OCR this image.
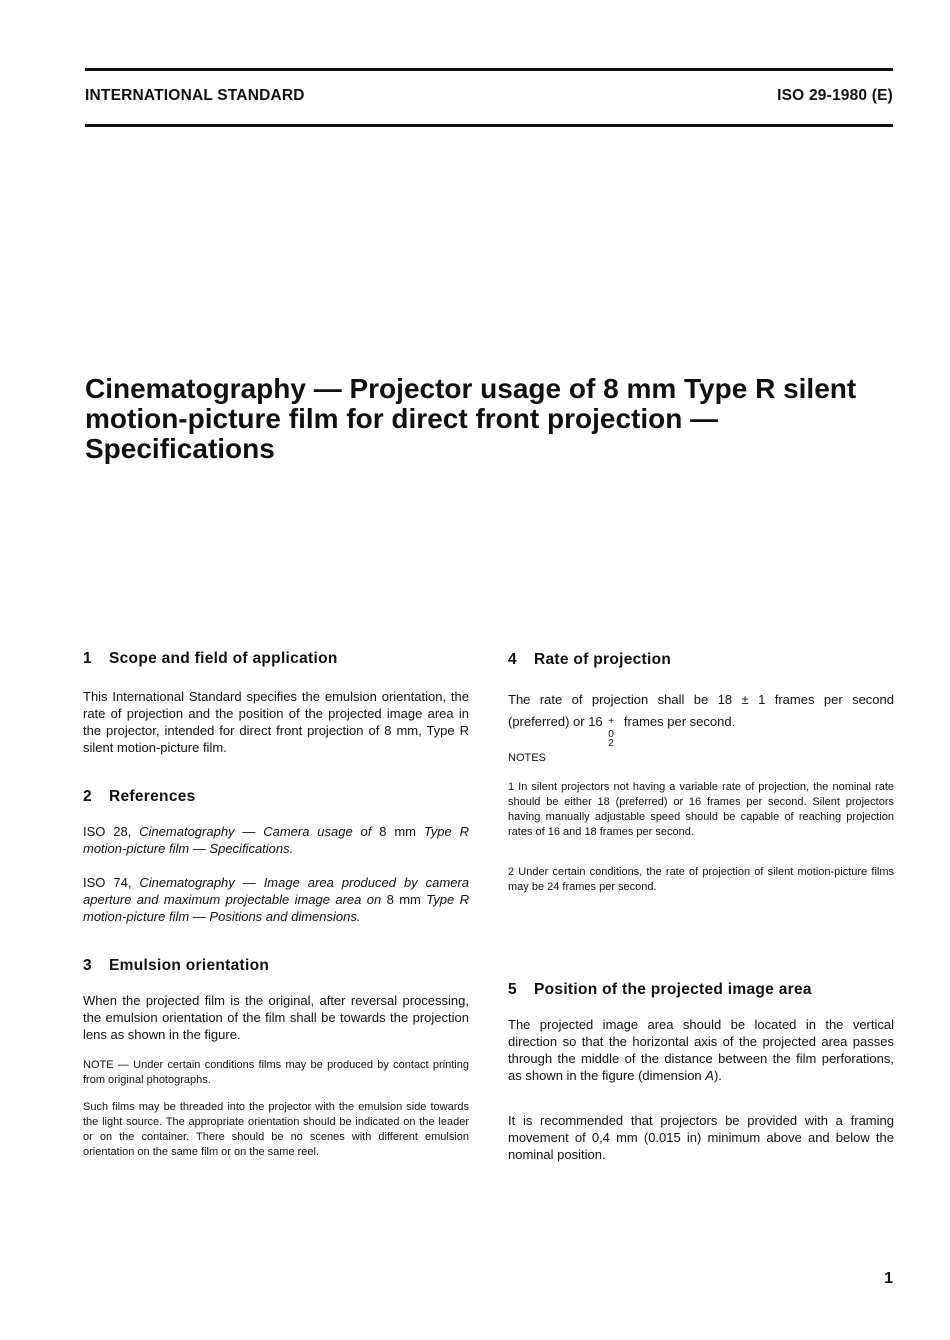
INTERNATIONAL STANDARD	ISO 29-1980 (E)
Cinematography — Projector usage of 8 mm Type R silent
motion-picture film for direct front projection —
Specifications
1	Scope and field of application

This International Standard specifies the emulsion orientation, the rate of projection and the position of the projected image area in the projector, intended for direct front projection of 8 mm, Type R silent motion-picture film.

2	References

ISO 28, Cinematography — Camera usage of 8 mm Type R motion-picture film — Specifications.

ISO 74, Cinematography — Image area produced by camera aperture and maximum projectable image area on 8 mm Type R motion-picture film — Positions and dimensions.

3	Emulsion orientation

When the projected film is the original, after reversal processing, the emulsion orientation of the film shall be towards the projection lens as shown in the figure.

NOTE — Under certain conditions films may be produced by contact printing from original photographs.

Such films may be threaded into the projector with the emulsion side towards the light source. The appropriate orientation should be indicated on the leader or on the container. There should be no scenes with different emulsion orientation on the same film or on the same reel.

4	Rate of projection

The rate of projection shall be 18 ± 1 frames per second (preferred) or 16 + 2
0
frames per second.

NOTES

1 In silent projectors not having a variable rate of projection, the nominal rate should be either 18 (preferred) or 16 frames per second. Silent projectors having manually adjustable speed should be capable of reaching projection rates of 16 and 18 frames per second.

2 Under certain conditions, the rate of projection of silent motion-picture films may be 24 frames per second.

5	Position of the projected image area

The projected image area should be located in the vertical direction so that the horizontal axis of the projected area passes through the middle of the distance between the film perforations, as shown in the figure (dimension A).

It is recommended that projectors be provided with a framing movement of 0,4 mm (0.015 in) minimum above and below the nominal position.

1
